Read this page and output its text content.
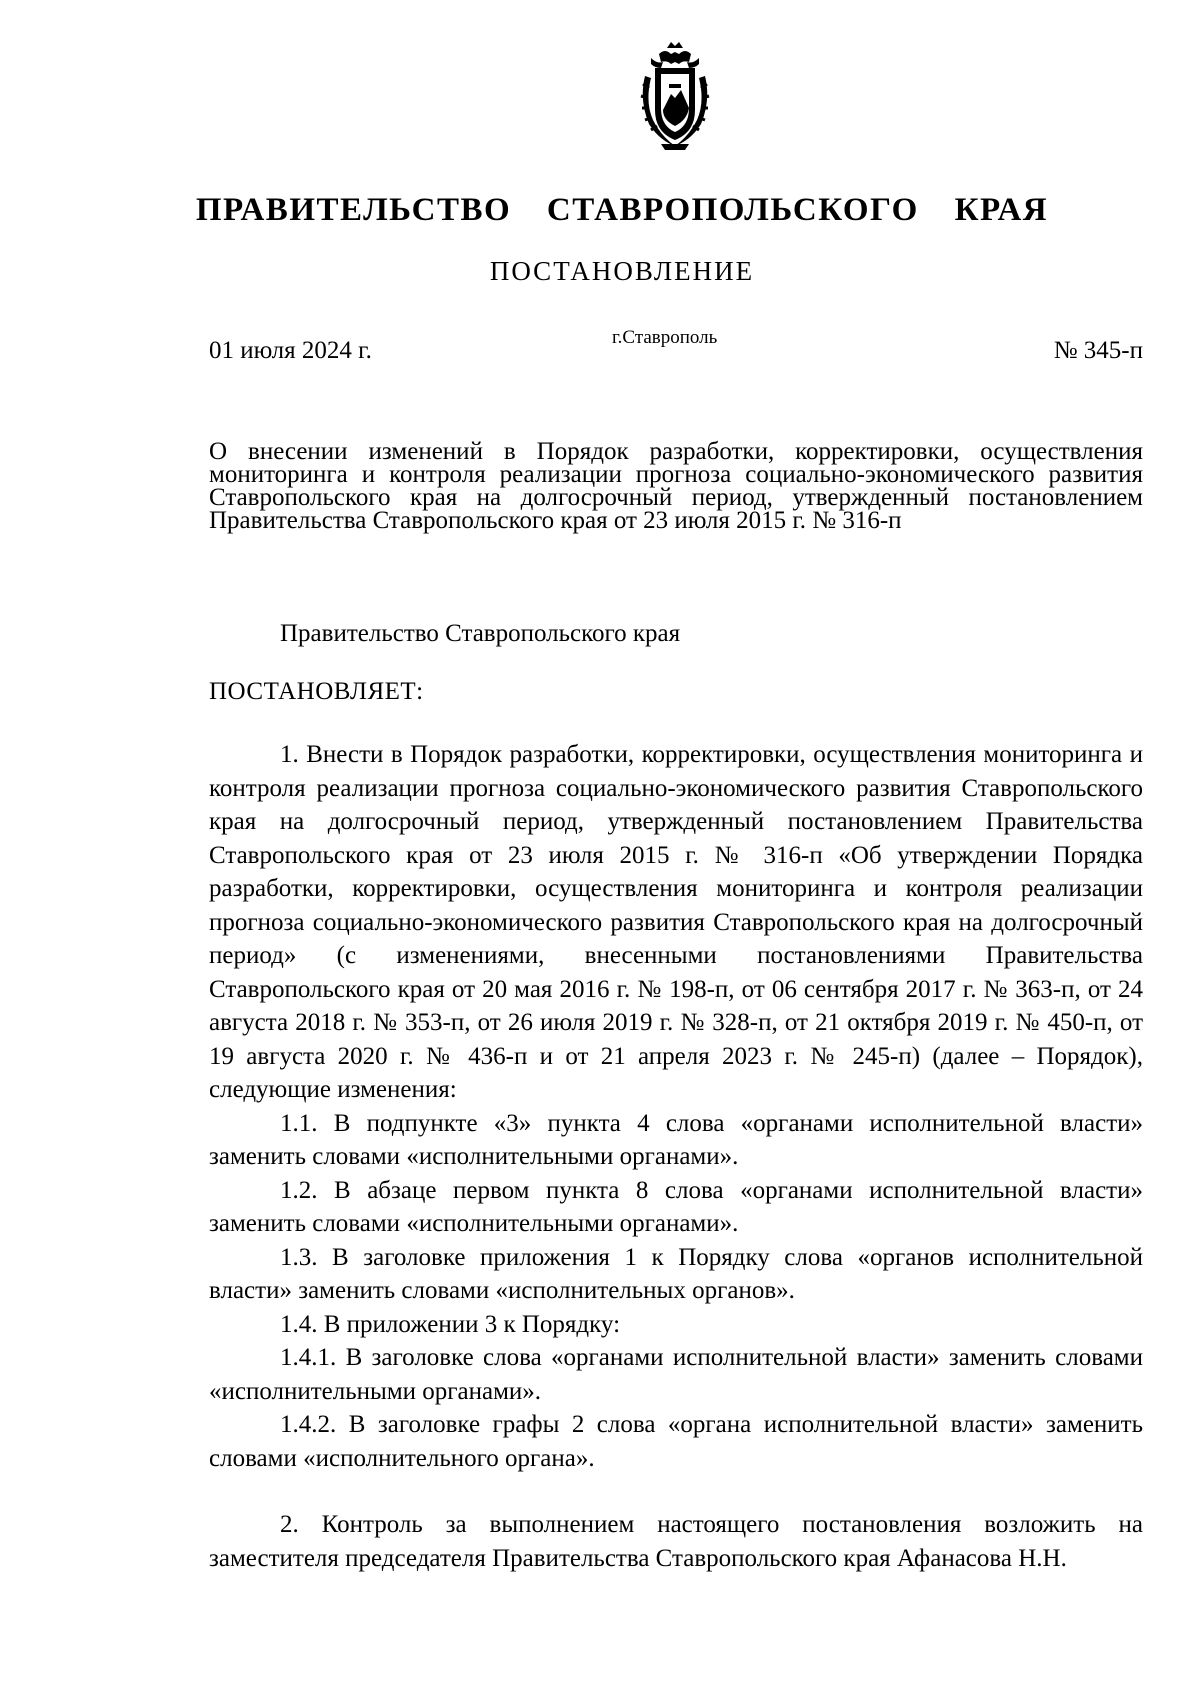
ПРАВИТЕЛЬСТВО СТАВРОПОЛЬСКОГО КРАЯ
ПОСТАНОВЛЕНИЕ
01 июля 2024 г.	г.Ставрополь	№ 345-п

О внесении изменений в Порядок разработки, корректировки, осуществления мониторинга и контроля реализации прогноза социально-экономического развития Ставропольского края на долгосрочный период, утвержденный постановлением Правительства Ставропольского края от 23 июля 2015 г. № 316-п

Правительство Ставропольского края
ПОСТАНОВЛЯЕТ:

1. Внести в Порядок разработки, корректировки, осуществления мониторинга и контроля реализации прогноза социально-экономического развития Ставропольского края на долгосрочный период, утвержденный постановлением Правительства Ставропольского края от 23 июля 2015 г. № 316-п «Об утверждении Порядка разработки, корректировки, осуществления мониторинга и контроля реализации прогноза социально-экономического развития Ставропольского края на долгосрочный период» (с изменениями, внесенными постановлениями Правительства Ставропольского края от 20 мая 2016 г. № 198-п, от 06 сентября 2017 г. № 363-п, от 24 августа 2018 г. № 353-п, от 26 июля 2019 г. № 328-п, от 21 октября 2019 г. № 450-п, от 19 августа 2020 г. № 436-п и от 21 апреля 2023 г. № 245-п) (далее – Порядок), следующие изменения:

1.1. В подпункте «3» пункта 4 слова «органами исполнительной власти» заменить словами «исполнительными органами».

1.2. В абзаце первом пункта 8 слова «органами исполнительной власти» заменить словами «исполнительными органами».

1.3. В заголовке приложения 1 к Порядку слова «органов исполнительной власти» заменить словами «исполнительных органов».

1.4. В приложении 3 к Порядку:

1.4.1. В заголовке слова «органами исполнительной власти» заменить словами «исполнительными органами».

1.4.2. В заголовке графы 2 слова «органа исполнительной власти» заменить словами «исполнительного органа».

2. Контроль за выполнением настоящего постановления возложить на заместителя председателя Правительства Ставропольского края Афанасова Н.Н.
